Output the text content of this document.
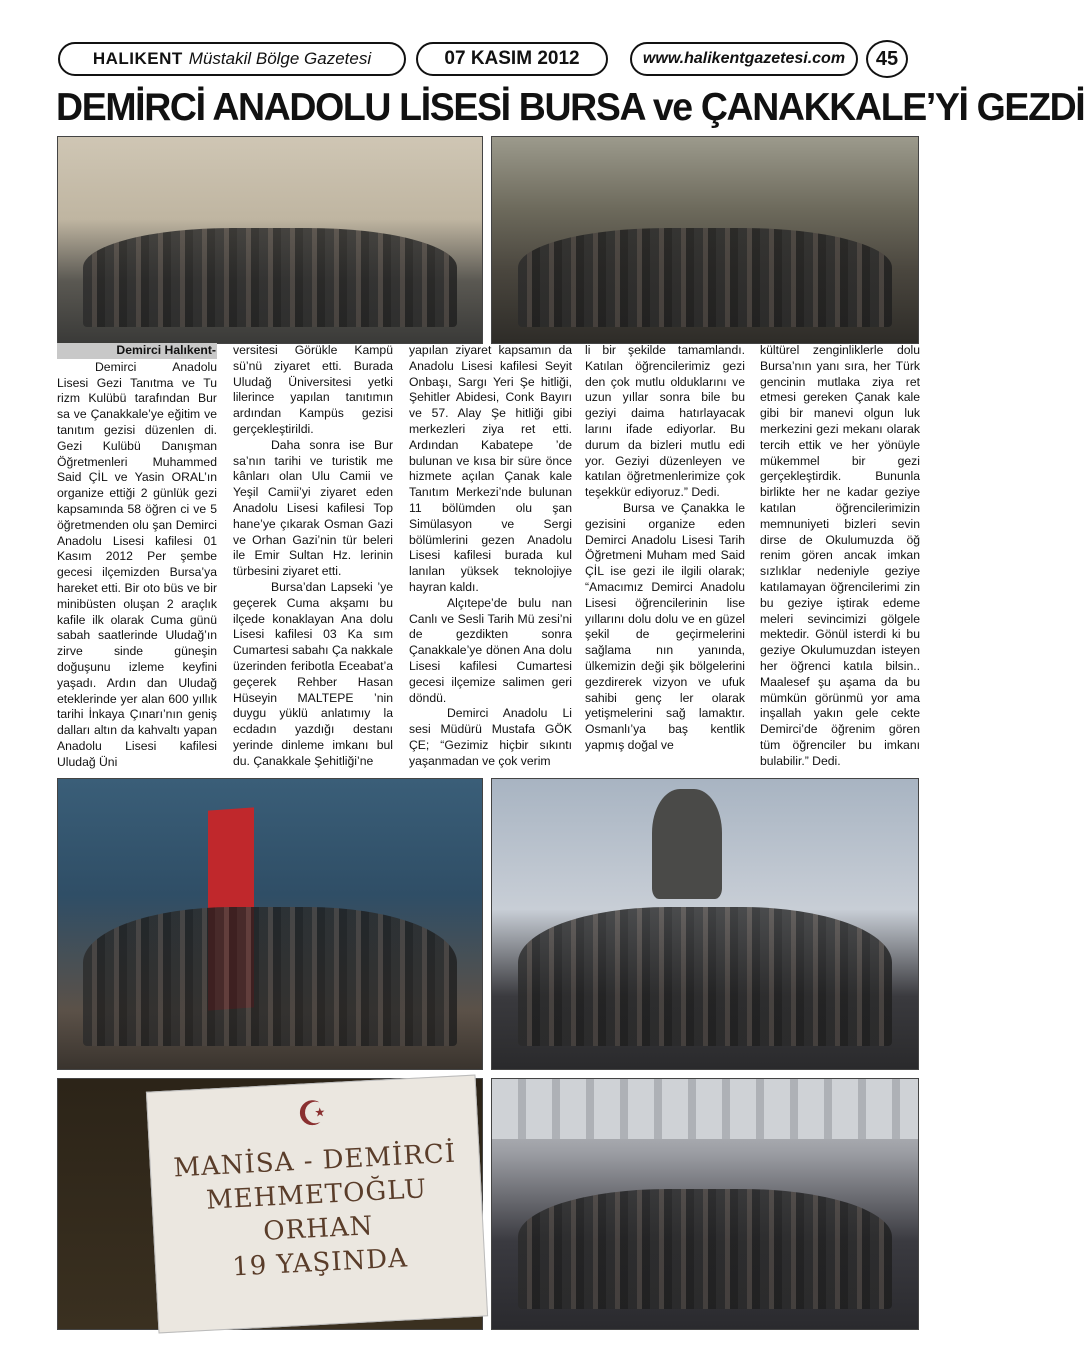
HALIKENT Müstakil Bölge Gazetesi	07 KASIM 2012	www.halikentgazetesi.com	45
DEMİRCİ ANADOLU LİSESİ BURSA ve ÇANAKKALE’Yİ GEZDİ
Demirci Halıkent-

Demirci Anadolu Lisesi Gezi Tanıtma ve Tu rizm Kulübü tarafından Bur sa ve Çanakkale’ye eğitim ve tanıtım gezisi düzenlen di. Gezi Kulübü Danışman Öğretmenleri Muhammed Said ÇİL ve Yasin ORAL’ın organize ettiği 2 günlük gezi kapsamında 58 öğren ci ve 5 öğretmenden olu şan Demirci Anadolu Lisesi kafilesi 01 Kasım 2012 Per şembe gecesi ilçemizden Bursa’ya hareket etti. Bir oto büs ve bir minibüsten oluşan 2 araçlık kafile ilk olarak Cuma günü sabah saatlerinde Uludağ’ın zirve sinde güneşin doğuşunu izleme keyfini yaşadı. Ardın dan Uludağ eteklerinde yer alan 600 yıllık tarihi İnkaya Çınarı’nın geniş dalları altın da kahvaltı yapan Anadolu Lisesi kafilesi Uludağ Üni

versitesi Görükle Kampü sü’nü ziyaret etti. Burada Uludağ Üniversitesi yetki lilerince yapılan tanıtımın ardından Kampüs gezisi gerçekleştirildi.

Daha sonra ise Bur sa’nın tarihi ve turistik me kânları olan Ulu Camii ve Yeşil Camii’yi ziyaret eden Anadolu Lisesi kafilesi Top hane’ye çıkarak Osman Gazi ve Orhan Gazi’nin tür beleri ile Emir Sultan Hz. lerinin türbesini ziyaret etti.

Bursa’dan Lapseki ’ye geçerek Cuma akşamı bu ilçede konaklayan Ana dolu Lisesi kafilesi 03 Ka sım Cumartesi sabahı Ça nakkale üzerinden feribotla Eceabat’a geçerek Rehber Hasan Hüseyin MALTEPE ’nin duygu yüklü anlatımıy la ecdadın yazdığı destanı yerinde dinleme imkanı bul du. Çanakkale Şehitliği’ne

yapılan ziyaret kapsamın da Anadolu Lisesi kafilesi Seyit Onbaşı, Sargı Yeri Şe hitliği, Şehitler Abidesi, Conk Bayırı ve 57. Alay Şe hitliği gibi merkezleri ziya ret etti. Ardından Kabatepe ’de bulunan ve kısa bir süre önce hizmete açılan Çanak kale Tanıtım Merkezi’nde bulunan 11 bölümden olu şan Simülasyon ve Sergi bölümlerini gezen Anadolu Lisesi kafilesi burada kul lanılan yüksek teknolojiye hayran kaldı.

Alçıtepe’de bulu nan Canlı ve Sesli Tarih Mü zesi’ni de gezdikten sonra Çanakkale’ye dönen Ana dolu Lisesi kafilesi Cumartesi gecesi ilçemize salimen geri döndü.

Demirci Anadolu Li sesi Müdürü Mustafa GÖK ÇE; “Gezimiz hiçbir sıkıntı yaşanmadan ve çok verim

li bir şekilde tamamlandı. Katılan öğrencilerimiz gezi den çok mutlu olduklarını ve uzun yıllar sonra bile bu geziyi daima hatırlayacak larını ifade ediyorlar. Bu durum da bizleri mutlu edi yor. Geziyi düzenleyen ve katılan öğretmenlerimize çok teşekkür ediyoruz.” Dedi.

Bursa ve Çanakka le gezisini organize eden Demirci Anadolu Lisesi Tarih Öğretmeni Muham med Said ÇİL ise gezi ile ilgili olarak; “Amacımız Demirci Anadolu Lisesi öğrencilerinin lise yıllarını dolu dolu ve en güzel şekil de geçirmelerini sağlama nın yanında, ülkemizin deği şik bölgelerini gezdirerek vizyon ve ufuk sahibi genç ler olarak yetişmelerini sağ lamaktır. Osmanlı’ya baş kentlik yapmış doğal ve

kültürel zenginliklerle dolu Bursa’nın yanı sıra, her Türk gencinin mutlaka ziya ret etmesi gereken Çanak kale gibi bir manevi olgun luk merkezini gezi mekanı olarak tercih ettik ve her yönüyle mükemmel bir gezi gerçekleştirdik. Bununla birlikte her ne kadar geziye katılan öğrencilerimizin memnuniyeti bizleri sevin dirse de Okulumuzda öğ renim gören ancak imkan sızlıklar nedeniyle geziye katılamayan öğrencilerimi zin bu geziye iştirak edeme meleri sevincimizi gölgele mektedir. Gönül isterdi ki bu geziye Okulumuzdan isteyen her öğrenci katıla bilsin.. Maalesef şu aşama da bu mümkün görünmü yor ama inşallah yakın gele cekte Demirci’de öğrenim gören tüm öğrenciler bu imkanı bulabilir.” Dedi.

☪
MANİSA - DEMİRCİ
MEHMETOĞLU
ORHAN
19 YAŞINDA
